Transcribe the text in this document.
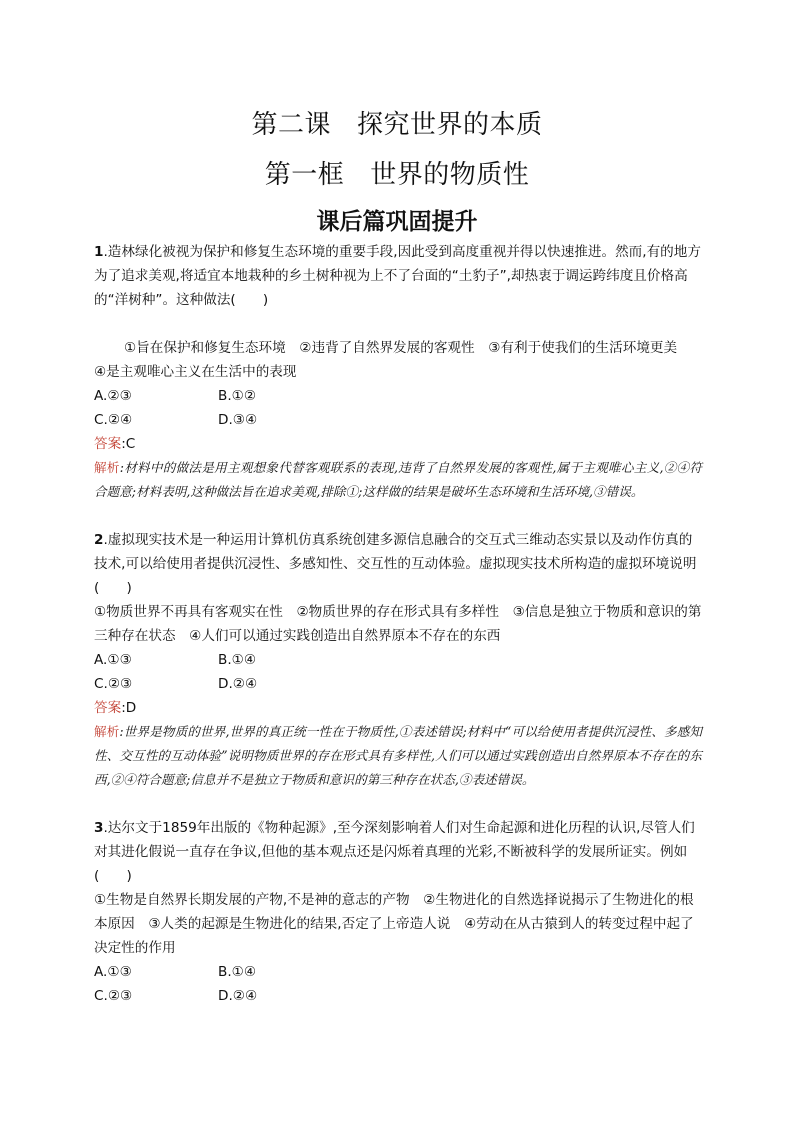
第二课 探究世界的本质
第一框 世界的物质性
课后篇巩固提升
1.造林绿化被视为保护和修复生态环境的重要手段,因此受到高度重视并得以快速推进。然而,有的地方为了追求美观,将适宜本地栽种的乡土树种视为上不了台面的“土豹子”,却热衷于调运跨纬度且价格高的“洋树种”。这种做法(　　)
①旨在保护和修复生态环境　②违背了自然界发展的客观性　③有利于使我们的生活环境更美　④是主观唯心主义在生活中的表现
A.②③	B.①②
C.②④	D.③④
答案:C
解析:材料中的做法是用主观想象代替客观联系的表现,违背了自然界发展的客观性,属于主观唯心主义,②④符合题意;材料表明,这种做法旨在追求美观,排除①;这样做的结果是破坏生态环境和生活环境,③错误。
2.虚拟现实技术是一种运用计算机仿真系统创建多源信息融合的交互式三维动态实景以及动作仿真的技术,可以给使用者提供沉浸性、多感知性、交互性的互动体验。虚拟现实技术所构造的虚拟环境说明(　　)
①物质世界不再具有客观实在性　②物质世界的存在形式具有多样性　③信息是独立于物质和意识的第三种存在状态　④人们可以通过实践创造出自然界原本不存在的东西
A.①③	B.①④
C.②③	D.②④
答案:D
解析:世界是物质的世界,世界的真正统一性在于物质性,①表述错误;材料中“可以给使用者提供沉浸性、多感知性、交互性的互动体验”说明物质世界的存在形式具有多样性,人们可以通过实践创造出自然界原本不存在的东西,②④符合题意;信息并不是独立于物质和意识的第三种存在状态,③表述错误。
3.达尔文于1859年出版的《物种起源》,至今深刻影响着人们对生命起源和进化历程的认识,尽管人们对其进化假说一直存在争议,但他的基本观点还是闪烁着真理的光彩,不断被科学的发展所证实。例如(　　)
①生物是自然界长期发展的产物,不是神的意志的产物　②生物进化的自然选择说揭示了生物进化的根本原因　③人类的起源是生物进化的结果,否定了上帝造人说　④劳动在从古猿到人的转变过程中起了决定性的作用
A.①③	B.①④
C.②③	D.②④
